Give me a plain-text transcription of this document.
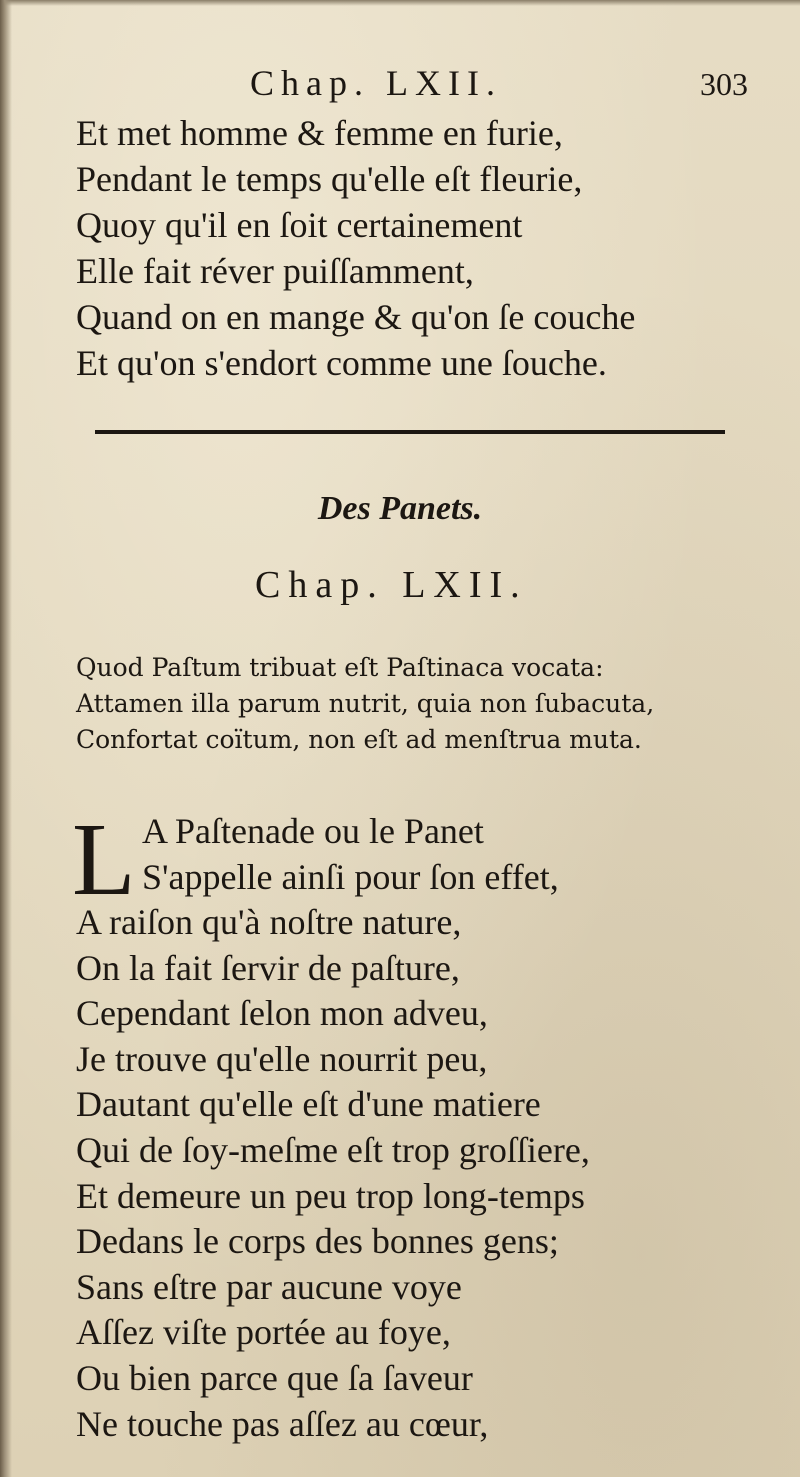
Chap. LXII.	303
Et met homme & femme en furie,
Pendant le temps qu'elle eſt fleurie,
Quoy qu'il en ſoit certainement
Elle fait réver puiſſamment,
Quand on en mange & qu'on ſe couche
Et qu'on s'endort comme une ſouche.
Des Panets.
Chap. LXII.
Quod Paſtum tribuat eſt Paſtinaca vocata:
Attamen illa parum nutrit, quia non ſubacuta,
Confortat coïtum, non eſt ad menſtrua muta.
L A Paſtenade ou le Panet
S'appelle ainſi pour ſon effet,
A raiſon qu'à noſtre nature,
On la fait ſervir de paſture,
Cependant ſelon mon adveu,
Je trouve qu'elle nourrit peu,
Dautant qu'elle eſt d'une matiere
Qui de ſoy-meſme eſt trop groſſiere,
Et demeure un peu trop long-temps
Dedans le corps des bonnes gens;
Sans eſtre par aucune voye
Aſſez viſte portée au foye,
Ou bien parce que ſa ſaveur
Ne touche pas aſſez au cœur,
